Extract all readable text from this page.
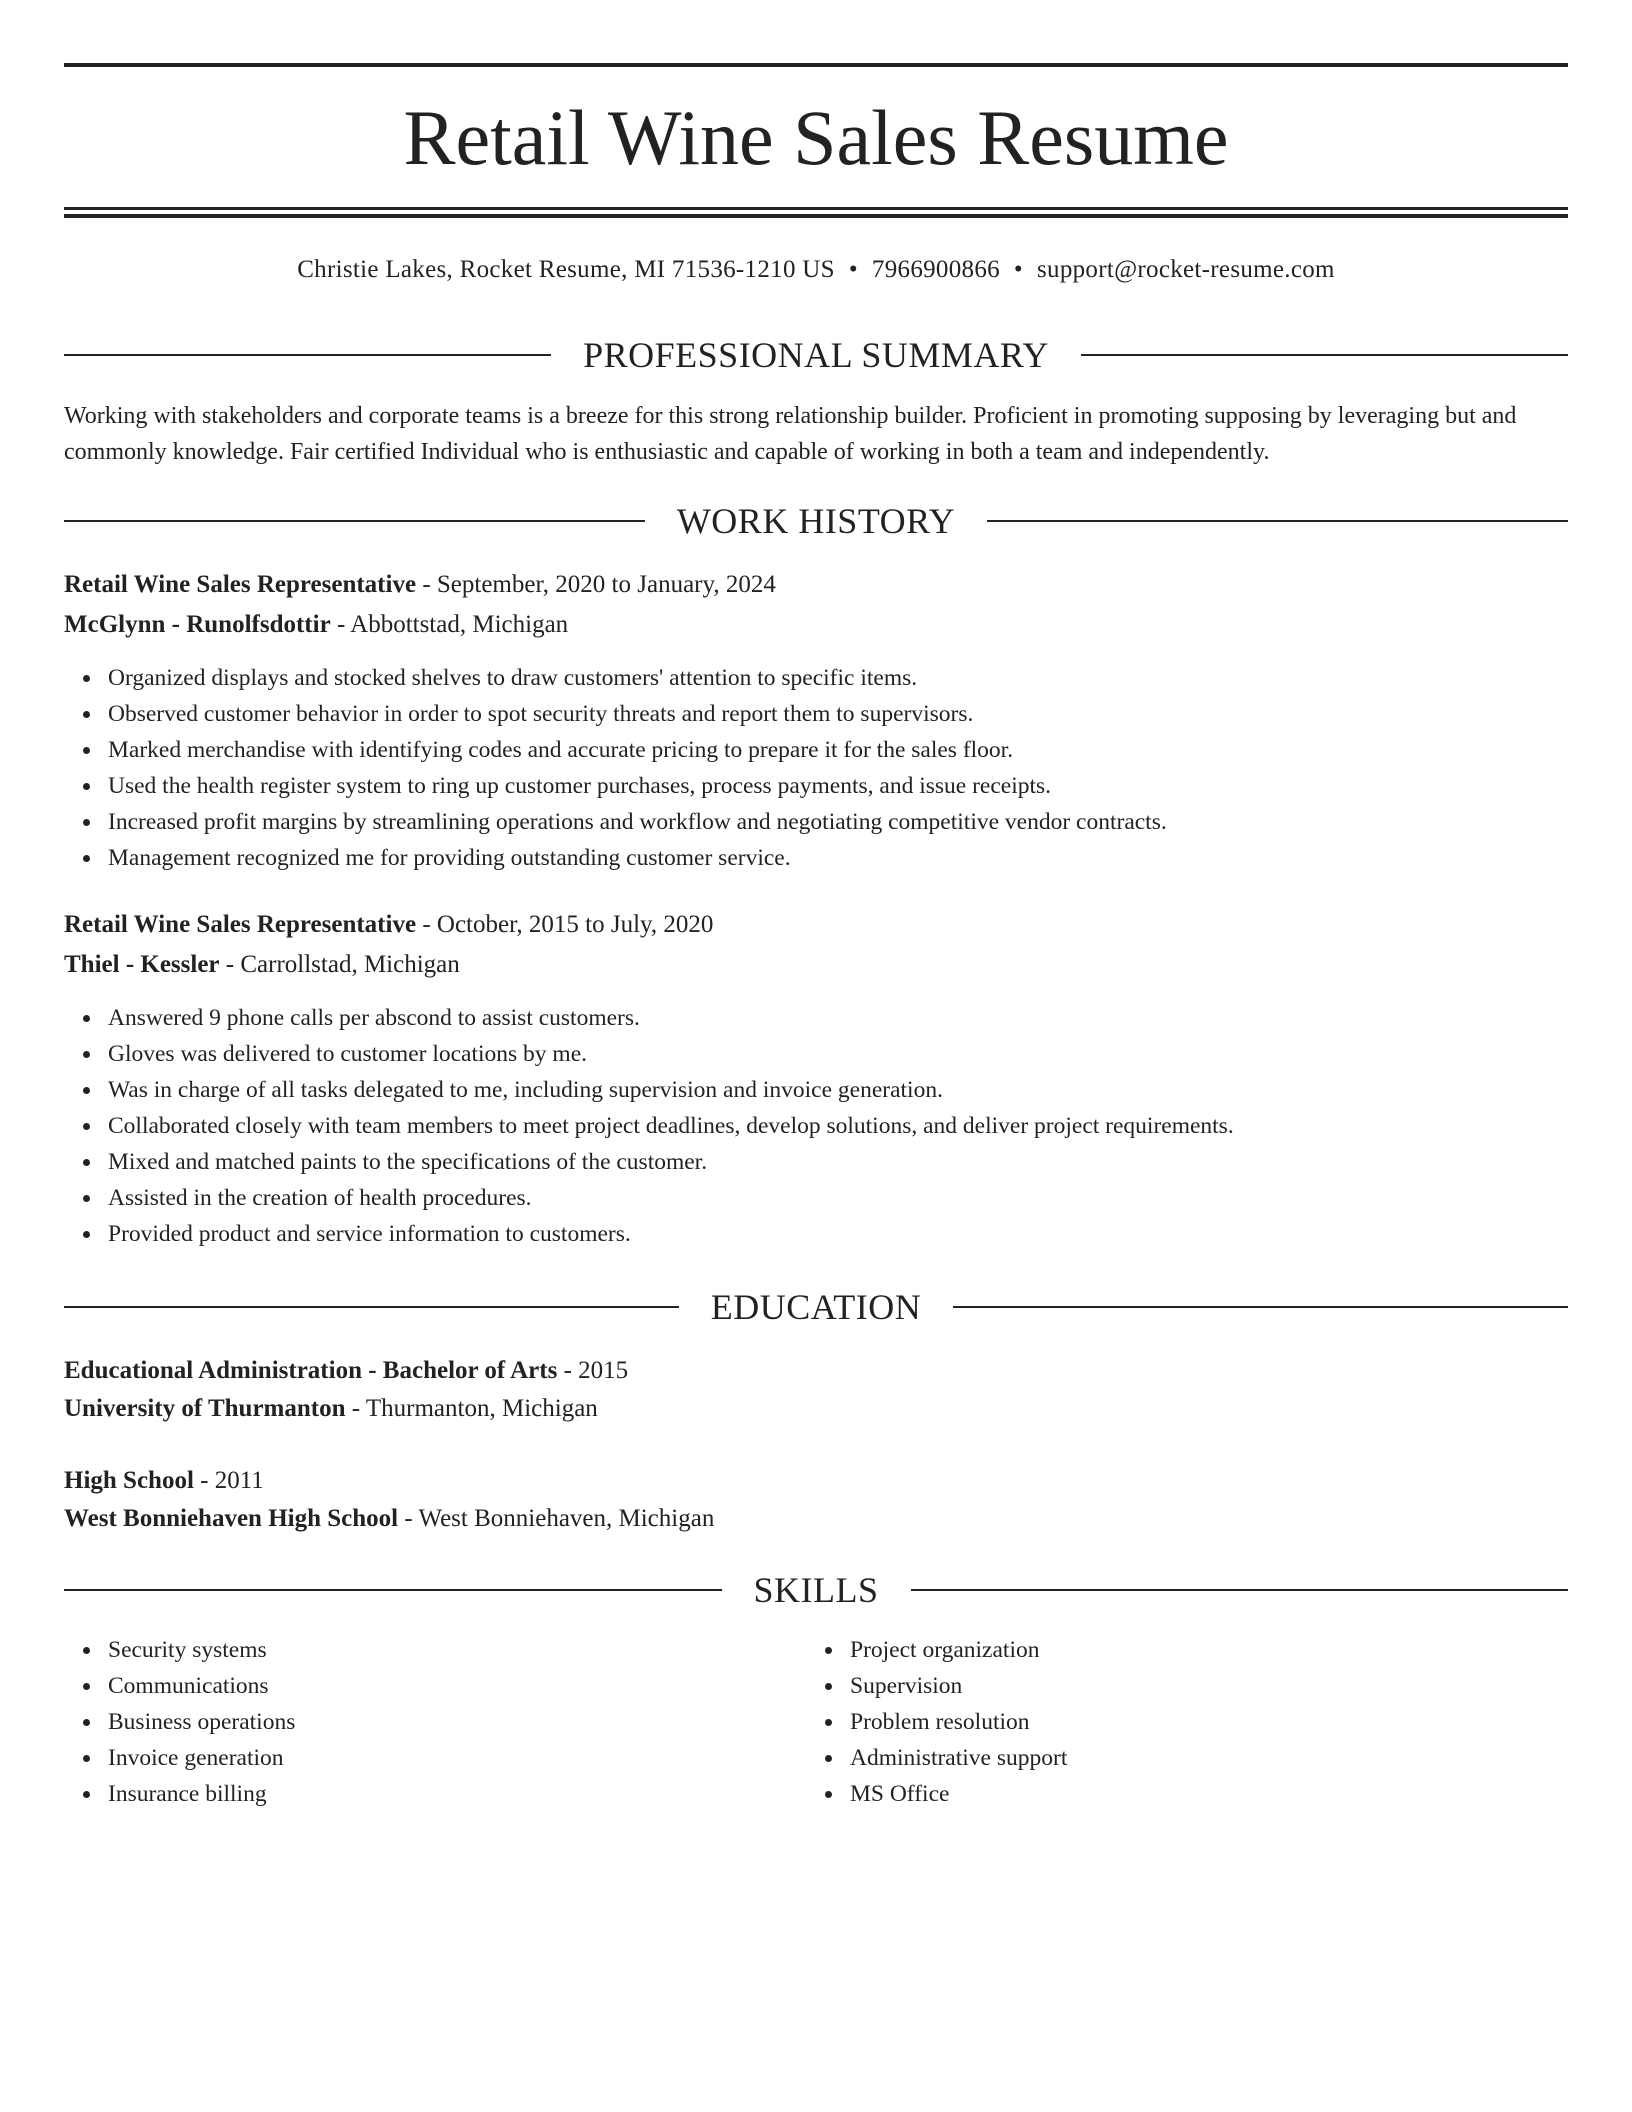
Retail Wine Sales Resume
Christie Lakes, Rocket Resume, MI 71536-1210 US • 7966900866 • support@rocket-resume.com
PROFESSIONAL SUMMARY
Working with stakeholders and corporate teams is a breeze for this strong relationship builder. Proficient in promoting supposing by leveraging but and commonly knowledge. Fair certified Individual who is enthusiastic and capable of working in both a team and independently.
WORK HISTORY
Retail Wine Sales Representative - September, 2020 to January, 2024
McGlynn - Runolfsdottir - Abbottstad, Michigan
Organized displays and stocked shelves to draw customers' attention to specific items.
Observed customer behavior in order to spot security threats and report them to supervisors.
Marked merchandise with identifying codes and accurate pricing to prepare it for the sales floor.
Used the health register system to ring up customer purchases, process payments, and issue receipts.
Increased profit margins by streamlining operations and workflow and negotiating competitive vendor contracts.
Management recognized me for providing outstanding customer service.
Retail Wine Sales Representative - October, 2015 to July, 2020
Thiel - Kessler - Carrollstad, Michigan
Answered 9 phone calls per abscond to assist customers.
Gloves was delivered to customer locations by me.
Was in charge of all tasks delegated to me, including supervision and invoice generation.
Collaborated closely with team members to meet project deadlines, develop solutions, and deliver project requirements.
Mixed and matched paints to the specifications of the customer.
Assisted in the creation of health procedures.
Provided product and service information to customers.
EDUCATION
Educational Administration - Bachelor of Arts - 2015
University of Thurmanton - Thurmanton, Michigan
High School - 2011
West Bonniehaven High School - West Bonniehaven, Michigan
SKILLS
Security systems
Communications
Business operations
Invoice generation
Insurance billing
Project organization
Supervision
Problem resolution
Administrative support
MS Office
